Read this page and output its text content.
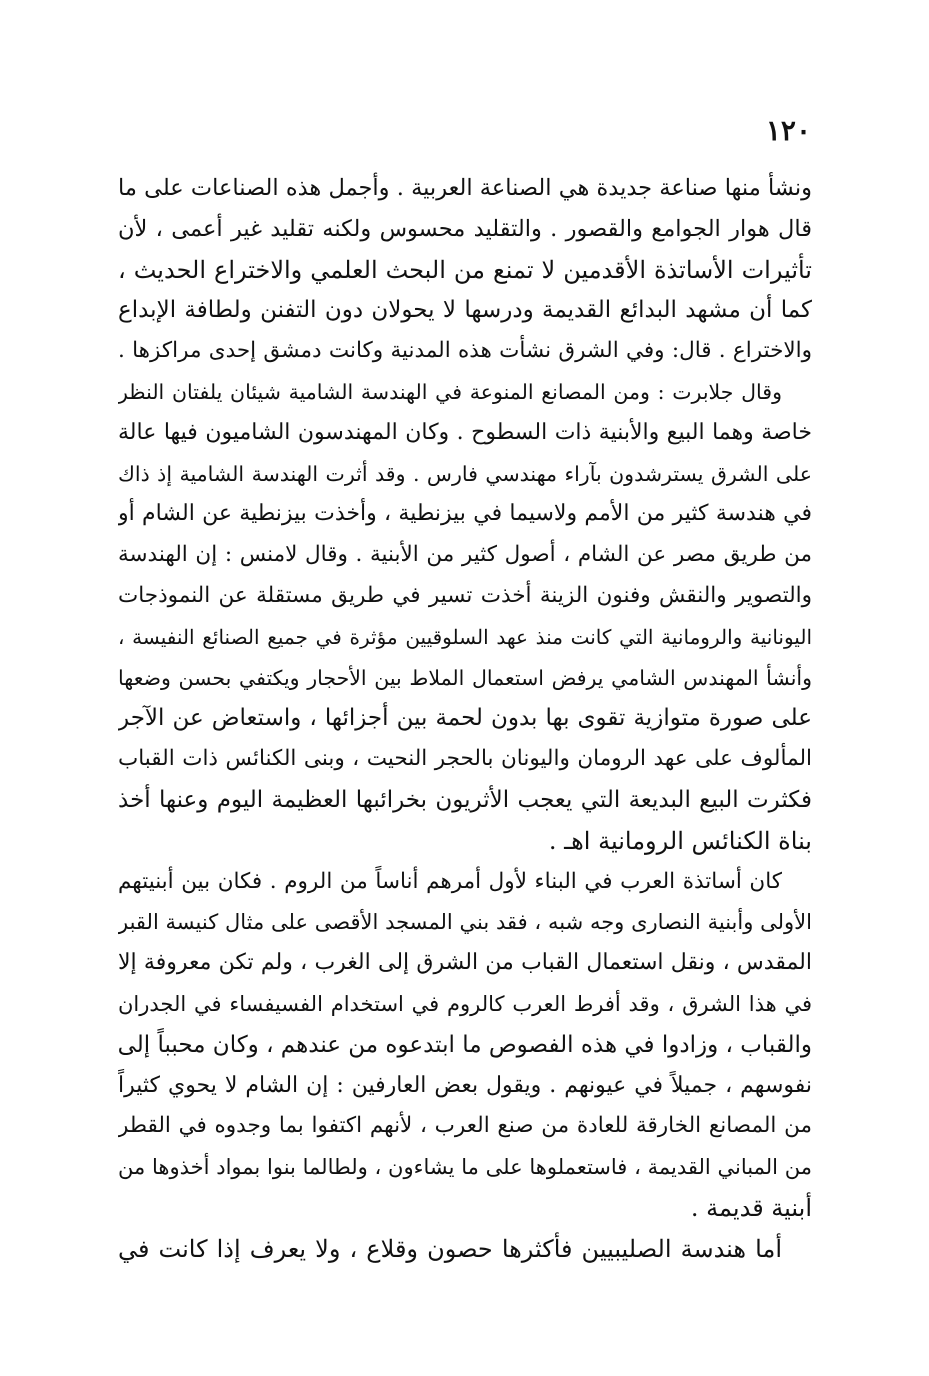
١٢٠
ونشأ منها صناعة جديدة هي الصناعة العربية . وأجمل هذه الصناعات على ما
قال هوار الجوامع والقصور . والتقليد محسوس ولكنه تقليد غير أعمى ، لأن
تأثيرات الأساتذة الأقدمين لا تمنع من البحث العلمي والاختراع الحديث ،
كما أن مشهد البدائع القديمة ودرسها لا يحولان دون التفنن ولطافة الإبداع
والاختراع . قال: وفي الشرق نشأت هذه المدنية وكانت دمشق إحدى مراكزها .
وقال جلابرت : ومن المصانع المنوعة في الهندسة الشامية شيئان يلفتان النظر
خاصة وهما البيع والأبنية ذات السطوح . وكان المهندسون الشاميون فيها عالة
على الشرق يسترشدون بآراء مهندسي فارس . وقد أثرت الهندسة الشامية إذ ذاك
في هندسة كثير من الأمم ولاسيما في بيزنطية ، وأخذت بيزنطية عن الشام أو
من طريق مصر عن الشام ، أصول كثير من الأبنية . وقال لامنس : إن الهندسة
والتصوير والنقش وفنون الزينة أخذت تسير في طريق مستقلة عن النموذجات
اليونانية والرومانية التي كانت منذ عهد السلوقيين مؤثرة في جميع الصنائع النفيسة ،
وأنشأ المهندس الشامي يرفض استعمال الملاط بين الأحجار ويكتفي بحسن وضعها
على صورة متوازية تقوى بها بدون لحمة بين أجزائها ، واستعاض عن الآجر
المألوف على عهد الرومان واليونان بالحجر النحيت ، وبنى الكنائس ذات القباب
فكثرت البيع البديعة التي يعجب الأثريون بخرائبها العظيمة اليوم وعنها أخذ
بناة الكنائس الرومانية اهـ .
كان أساتذة العرب في البناء لأول أمرهم أناساً من الروم . فكان بين أبنيتهم
الأولى وأبنية النصارى وجه شبه ، فقد بني المسجد الأقصى على مثال كنيسة القبر
المقدس ، ونقل استعمال القباب من الشرق إلى الغرب ، ولم تكن معروفة إلا
في هذا الشرق ، وقد أفرط العرب كالروم في استخدام الفسيفساء في الجدران
والقباب ، وزادوا في هذه الفصوص ما ابتدعوه من عندهم ، وكان محبباً إلى
نفوسهم ، جميلاً في عيونهم . ويقول بعض العارفين : إن الشام لا يحوي كثيراً
من المصانع الخارقة للعادة من صنع العرب ، لأنهم اكتفوا بما وجدوه في القطر
من المباني القديمة ، فاستعملوها على ما يشاءون ، ولطالما بنوا بمواد أخذوها من
أبنية قديمة .
أما هندسة الصليبيين فأكثرها حصون وقلاع ، ولا يعرف إذا كانت في
